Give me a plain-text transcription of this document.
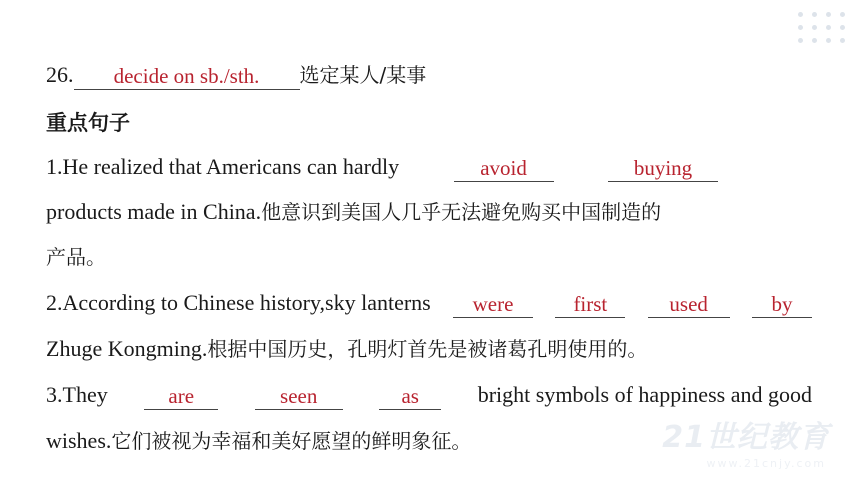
26.	decide on sb./sth.	选定某人/某事
重点句子
1.He realized that Americans can hardly	avoid	buying
products made in China.他意识到美国人几乎无法避免购买中国制造的
产品。
2.According to Chinese history,sky lanterns	were	first	used	by
Zhuge Kongming.根据中国历史，孔明灯首先是被诸葛孔明使用的。
3.They	are	seen	as	bright symbols of happiness and good
wishes.它们被视为幸福和美好愿望的鲜明象征。	21世纪教育
www.21cnjy.com
